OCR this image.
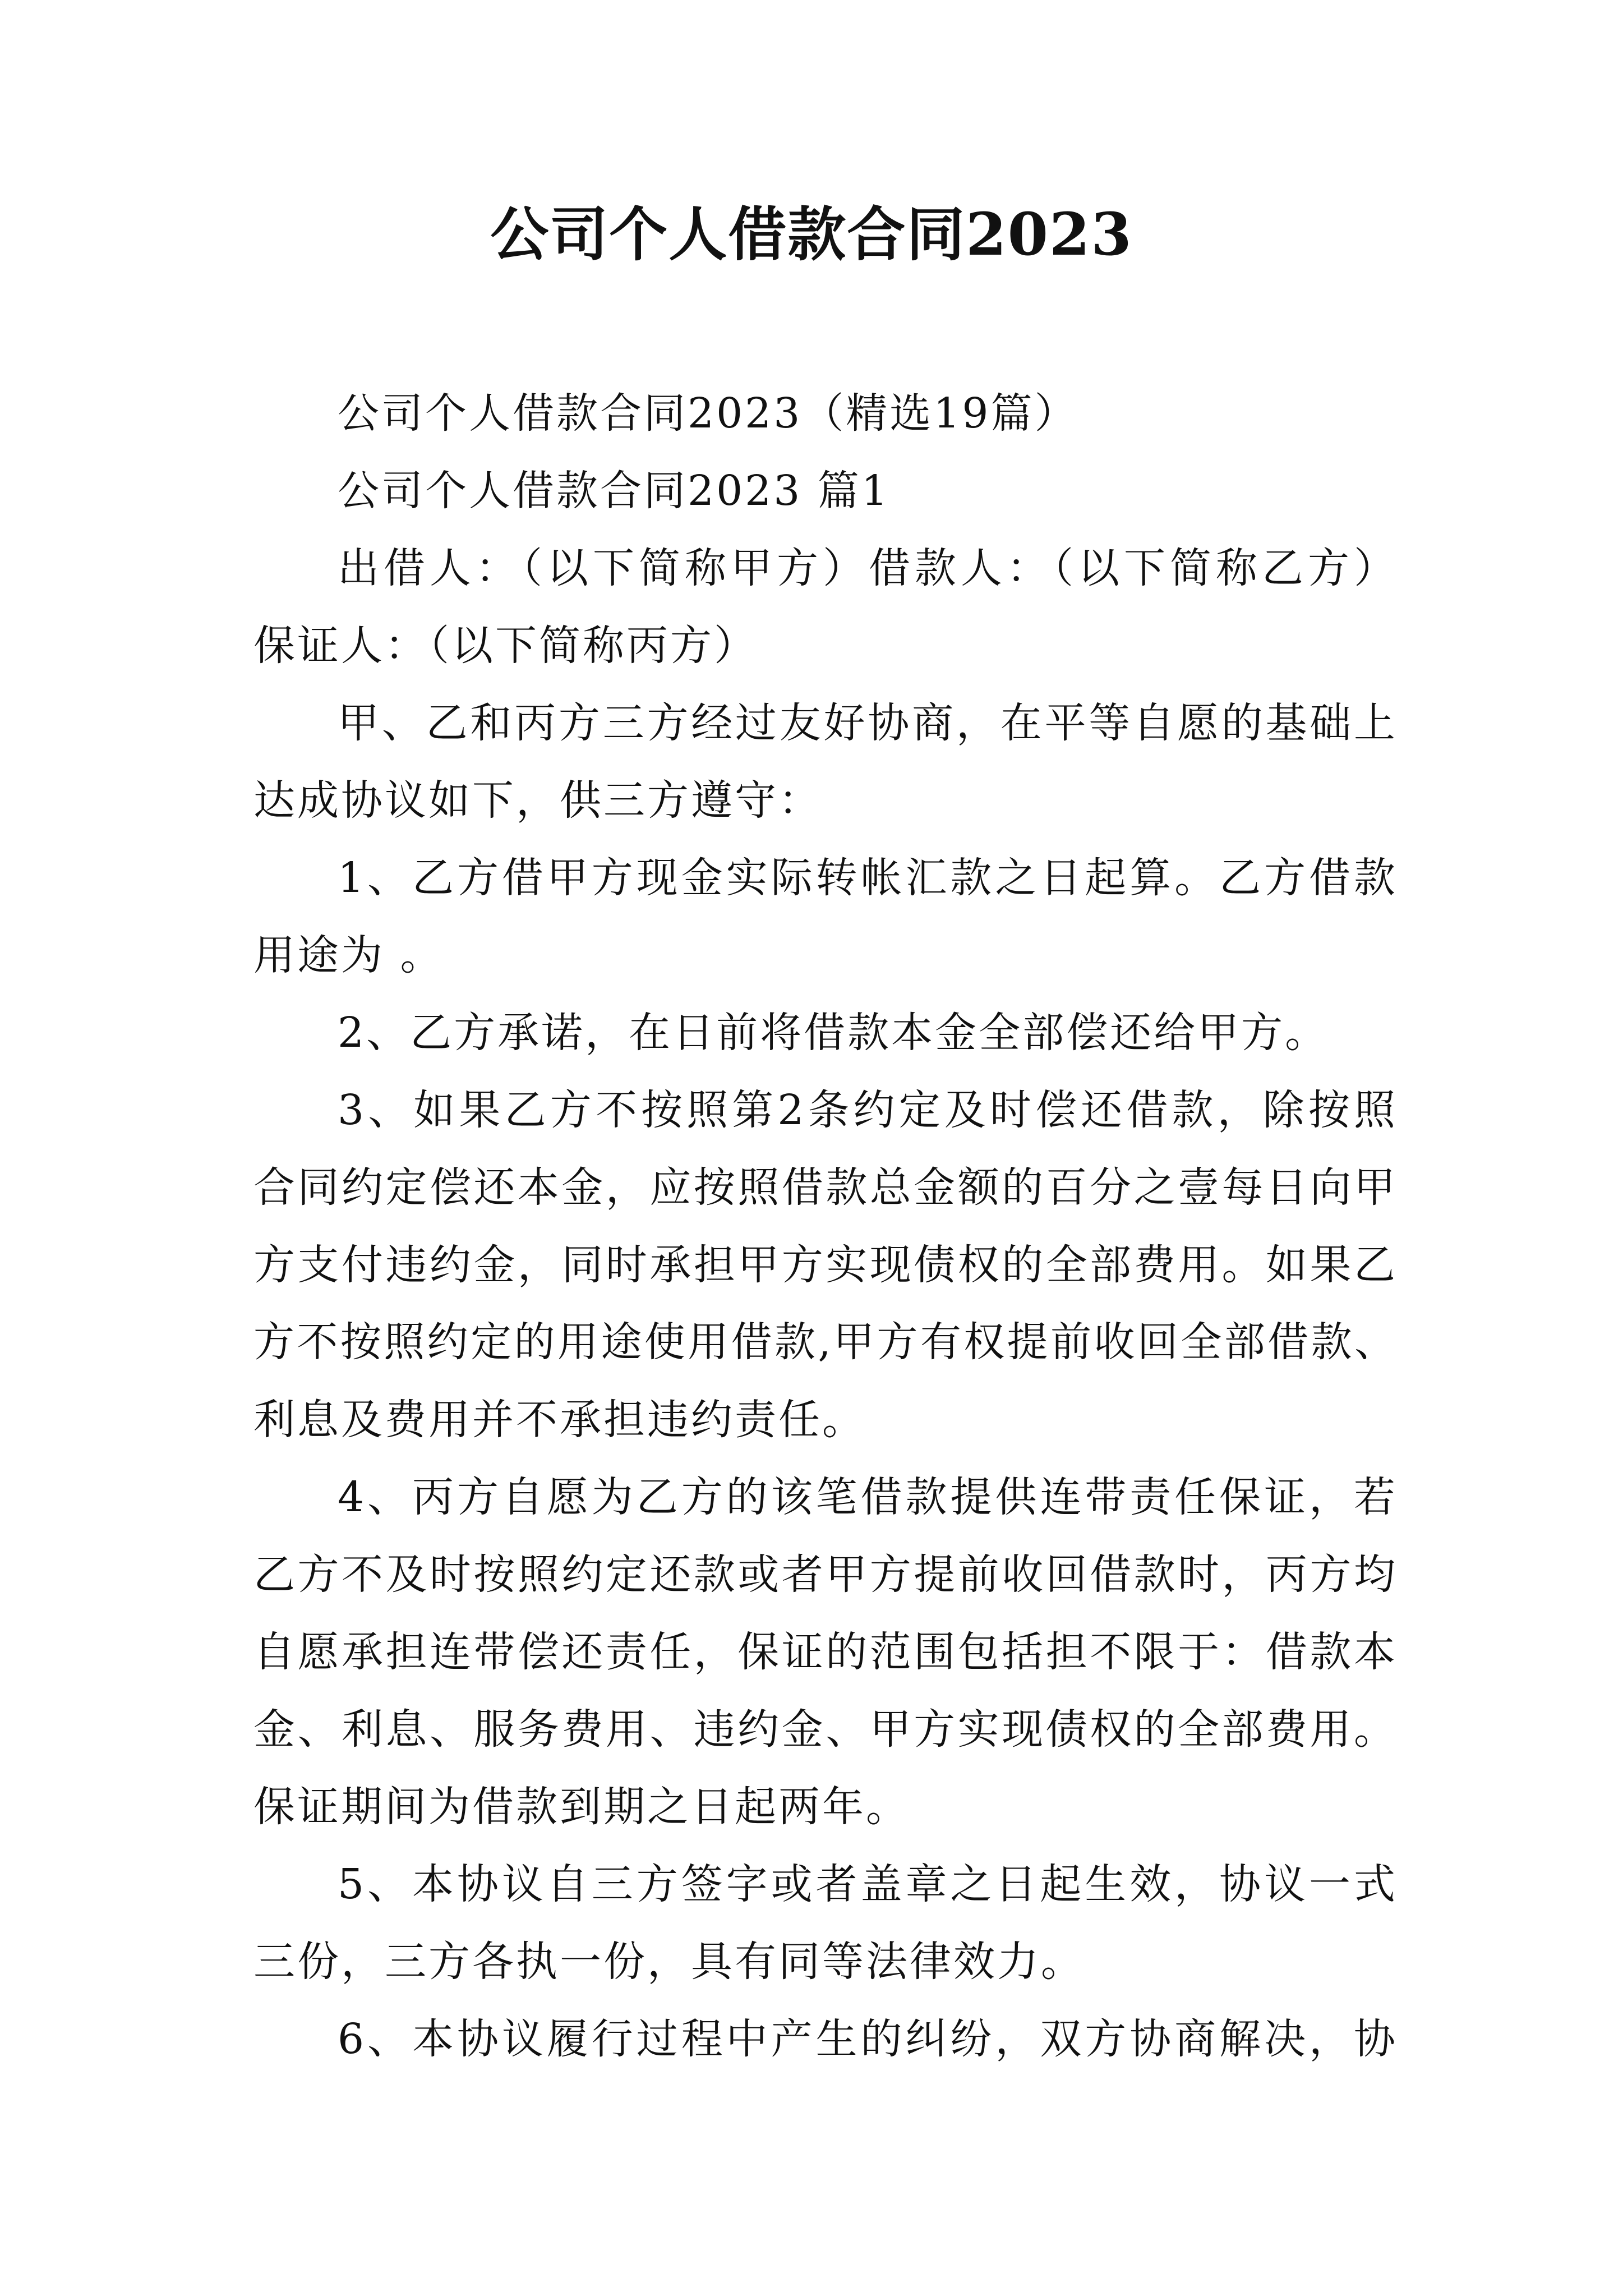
公司个人借款合同2023
公司个人借款合同2023（精选19篇）
公司个人借款合同2023 篇1
出借人：（以下简称甲方）借款人：（以下简称乙方）
保证人：（以下简称丙方）
甲、乙和丙方三方经过友好协商，在平等自愿的基础上
达成协议如下，供三方遵守：
1、乙方借甲方现金实际转帐汇款之日起算。乙方借款
用途为 。
2、乙方承诺，在日前将借款本金全部偿还给甲方。
3、如果乙方不按照第2条约定及时偿还借款，除按照
合同约定偿还本金，应按照借款总金额的百分之壹每日向甲
方支付违约金，同时承担甲方实现债权的全部费用。如果乙
方不按照约定的用途使用借款,甲方有权提前收回全部借款、
利息及费用并不承担违约责任。
4、丙方自愿为乙方的该笔借款提供连带责任保证，若
乙方不及时按照约定还款或者甲方提前收回借款时，丙方均
自愿承担连带偿还责任，保证的范围包括担不限于：借款本
金、利息、服务费用、违约金、甲方实现债权的全部费用。
保证期间为借款到期之日起两年。
5、本协议自三方签字或者盖章之日起生效，协议一式
三份，三方各执一份，具有同等法律效力。
6、本协议履行过程中产生的纠纷，双方协商解决，协
